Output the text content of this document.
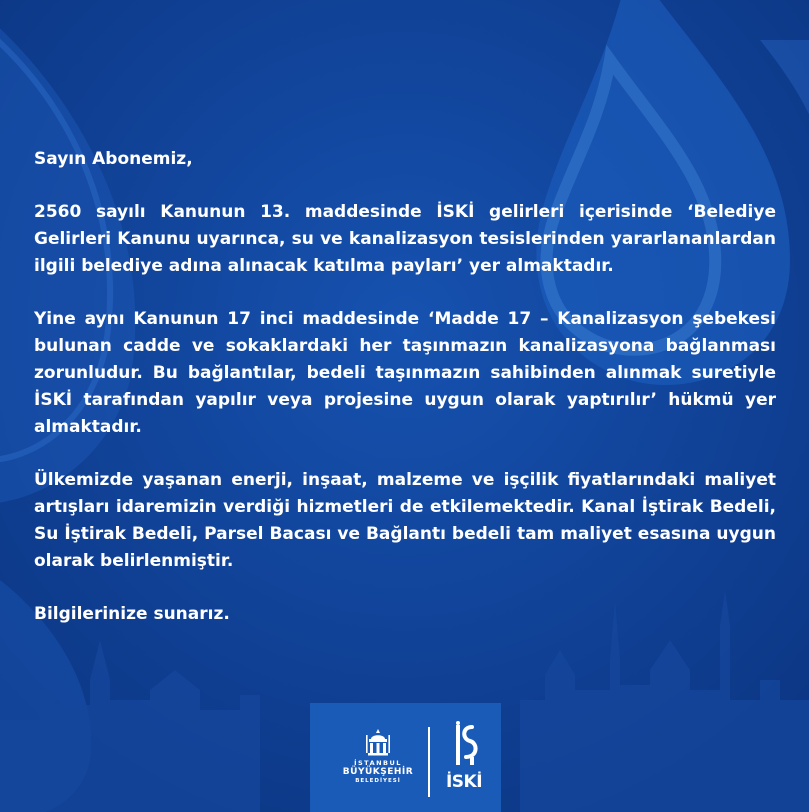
Sayın Abonemiz,

2560 sayılı Kanunun 13. maddesinde İSKİ gelirleri içerisinde ‘Belediye Gelirleri Kanunu uyarınca, su ve kanalizasyon tesislerinden yararlananlardan ilgili belediye adına alınacak katılma payları’ yer almaktadır.

Yine aynı Kanunun 17 inci maddesinde ‘Madde 17 – Kanalizasyon şebekesi bulunan cadde ve sokaklardaki her taşınmazın kanalizasyona bağlanması zorunludur. Bu bağlantılar, bedeli taşınmazın sahibinden alınmak suretiyle İSKİ tarafından yapılır veya projesine uygun olarak yaptırılır’ hükmü yer almaktadır.

Ülkemizde yaşanan enerji, inşaat, malzeme ve işçilik fiyatlarındaki maliyet artışları idaremizin verdiği hizmetleri de etkilemektedir. Kanal İştirak Bedeli, Su İştirak Bedeli, Parsel Bacası ve Bağlantı bedeli tam maliyet esasına uygun olarak belirlenmiştir.

Bilgilerinize sunarız.

İSTANBUL
BÜYÜKŞEHİR
BELEDİYESİ	İSKİ
